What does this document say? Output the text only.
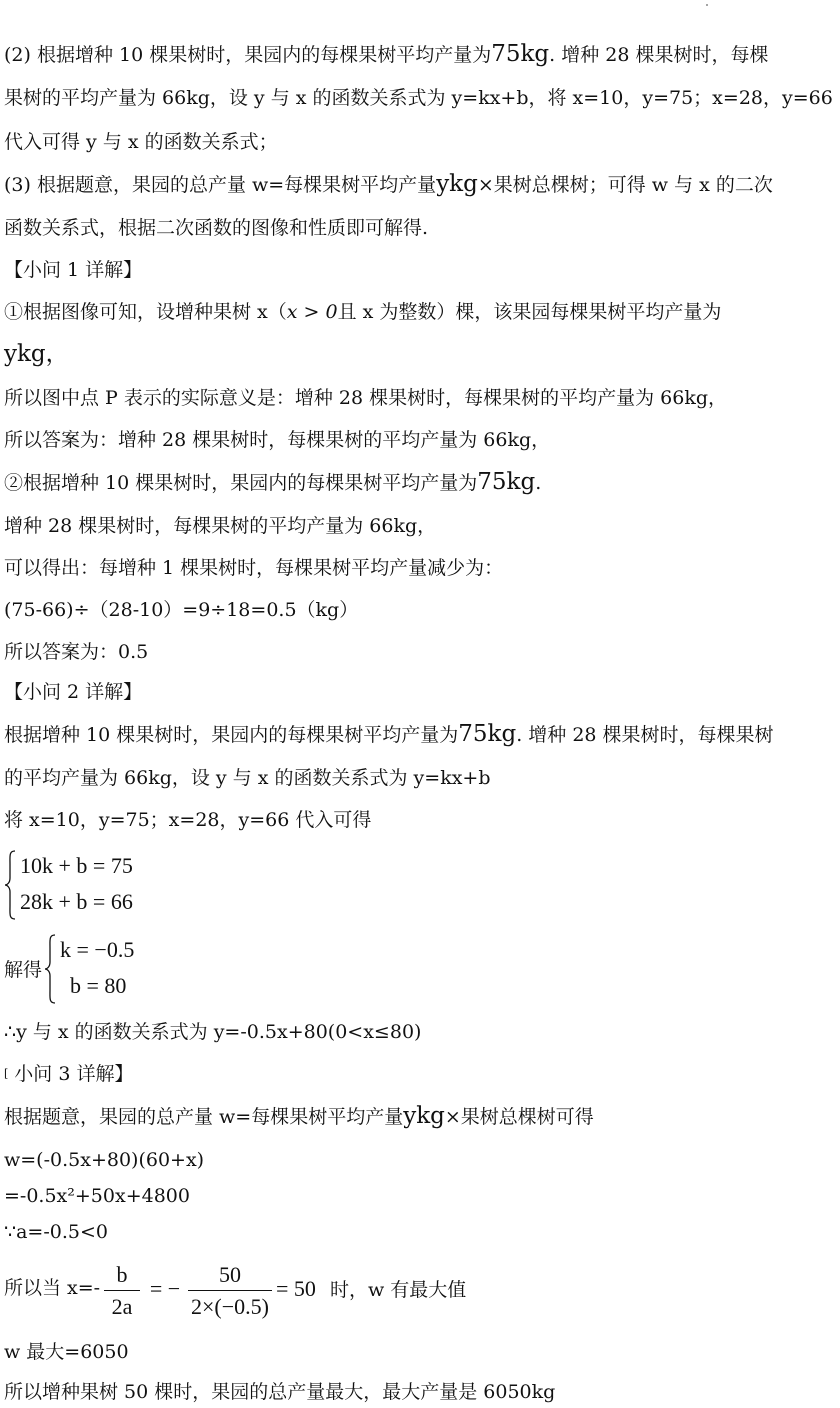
(2) 根据增种 10 棵果树时，果园内的每棵果树平均产量为75kg. 增种 28 棵果树时，每棵
果树的平均产量为 66kg，设 y 与 x 的函数关系式为 y=kx+b，将 x=10，y=75；x=28，y=66
代入可得 y 与 x 的函数关系式；
(3) 根据题意，果园的总产量 w=每棵果树平均产量ykg×果树总棵树；可得 w 与 x 的二次
函数关系式，根据二次函数的图像和性质即可解得.
【小问 1 详解】
①根据图像可知，设增种果树 x（x > 0且 x 为整数）棵，该果园每棵果树平均产量为
ykg，
所以图中点 P 表示的实际意义是：增种 28 棵果树时，每棵果树的平均产量为 66kg，
所以答案为：增种 28 棵果树时，每棵果树的平均产量为 66kg，
②根据增种 10 棵果树时，果园内的每棵果树平均产量为75kg.
增种 28 棵果树时，每棵果树的平均产量为 66kg，
可以得出：每增种 1 棵果树时，每棵果树平均产量减少为：
(75-66)÷（28-10）=9÷18=0.5（kg）
所以答案为：0.5
【小问 2 详解】
根据增种 10 棵果树时，果园内的每棵果树平均产量为75kg. 增种 28 棵果树时，每棵果树
的平均产量为 66kg，设 y 与 x 的函数关系式为 y=kx+b
将 x=10，y=75；x=28，y=66 代入可得
10k + b = 75
28k + b = 66
解得
k = −0.5
b = 80
∴y 与 x 的函数关系式为 y=-0.5x+80(0<x≤80)
[ 小问 3 详解】
根据题意，果园的总产量 w=每棵果树平均产量ykg×果树总棵树可得
w=(-0.5x+80)(60+x)
=-0.5x²+50x+4800
∵a=-0.5<0
所以当 x=-
b
2a
= −
50
2×(−0.5)
= 50 时，w 有最大值
w 最大=6050
所以增种果树 50 棵时，果园的总产量最大，最大产量是 6050kg
